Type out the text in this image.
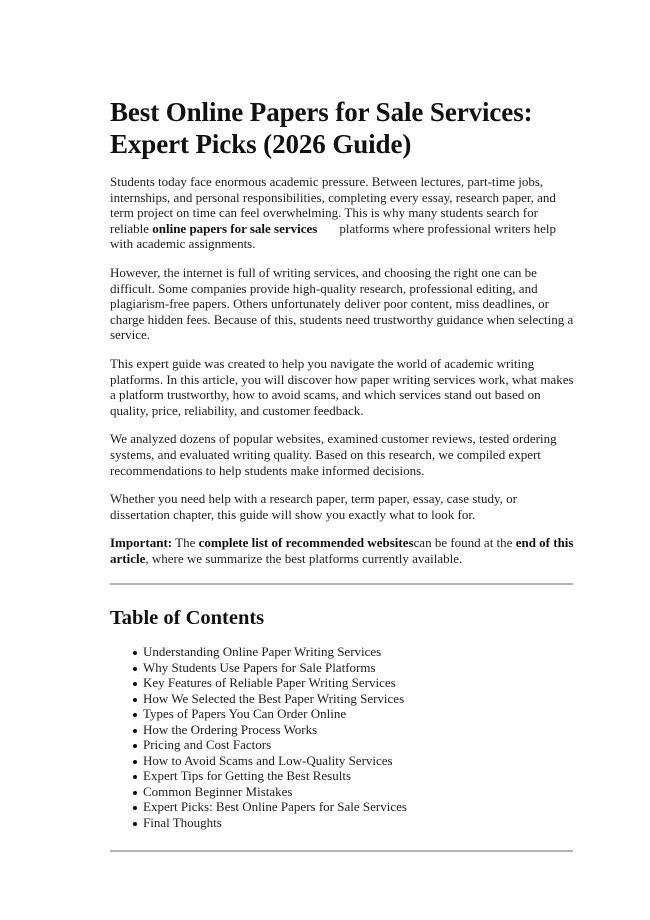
Best Online Papers for Sale Services:
Expert Picks (2026 Guide)

Students today face enormous academic pressure. Between lectures, part-time jobs, internships, and personal responsibilities, completing every essay, research paper, and term project on time can feel overwhelming. This is why many students search for reliable online papers for sale services platforms where professional writers help with academic assignments.

However, the internet is full of writing services, and choosing the right one can be difficult. Some companies provide high-quality research, professional editing, and plagiarism-free papers. Others unfortunately deliver poor content, miss deadlines, or charge hidden fees. Because of this, students need trustworthy guidance when selecting a service.

This expert guide was created to help you navigate the world of academic writing platforms. In this article, you will discover how paper writing services work, what makes a platform trustworthy, how to avoid scams, and which services stand out based on quality, price, reliability, and customer feedback.

We analyzed dozens of popular websites, examined customer reviews, tested ordering systems, and evaluated writing quality. Based on this research, we compiled expert recommendations to help students make informed decisions.

Whether you need help with a research paper, term paper, essay, case study, or dissertation chapter, this guide will show you exactly what to look for.

Important: The complete list of recommended websitescan be found at the end of this article, where we summarize the best platforms currently available.

Table of Contents
Understanding Online Paper Writing Services
Why Students Use Papers for Sale Platforms
Key Features of Reliable Paper Writing Services
How We Selected the Best Paper Writing Services
Types of Papers You Can Order Online
How the Ordering Process Works
Pricing and Cost Factors
How to Avoid Scams and Low-Quality Services
Expert Tips for Getting the Best Results
Common Beginner Mistakes
Expert Picks: Best Online Papers for Sale Services
Final Thoughts
